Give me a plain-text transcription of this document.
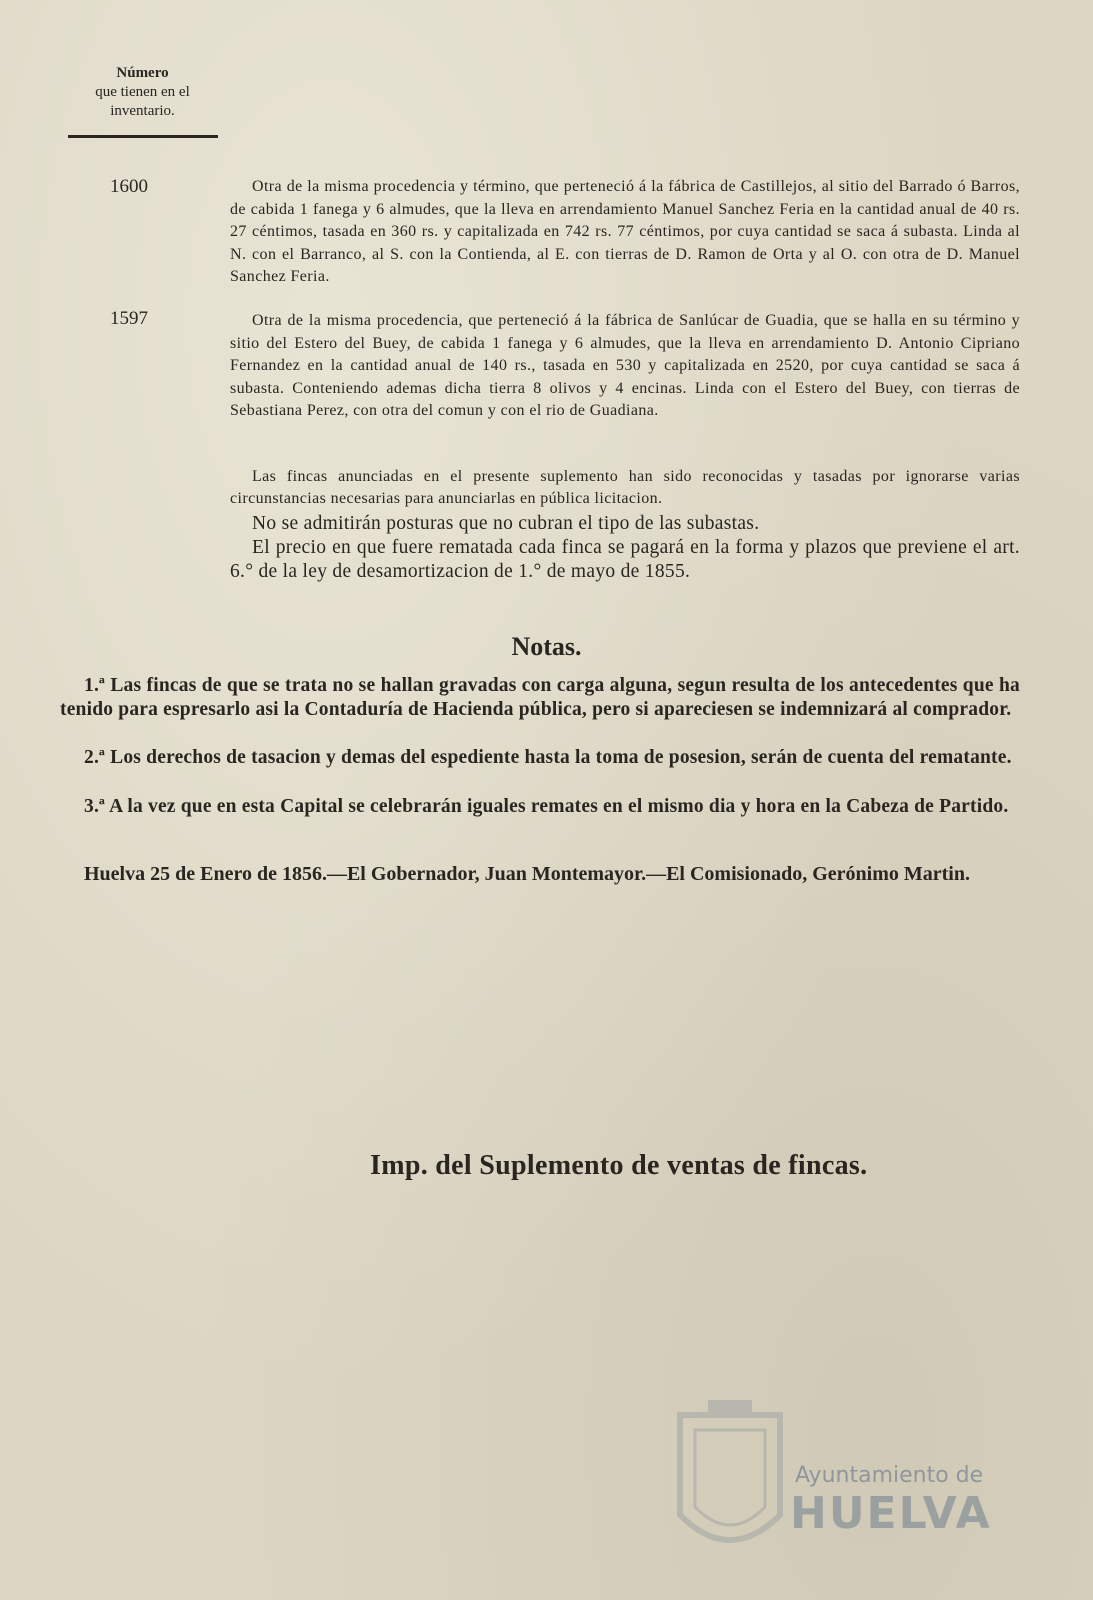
Número
que tienen en el
inventario.
1600	Otra de la misma procedencia y término, que perteneció á la fábrica de Castillejos, al sitio del Barrado ó Barros, de cabida 1 fanega y 6 almudes, que la lleva en arrendamiento Manuel Sanchez Feria en la cantidad anual de 40 rs. 27 céntimos, tasada en 360 rs. y capitalizada en 742 rs. 77 céntimos, por cuya cantidad se saca á subasta. Linda al N. con el Barranco, al S. con la Contienda, al E. con tierras de D. Ramon de Orta y al O. con otra de D. Manuel Sanchez Feria.
1597	Otra de la misma procedencia, que perteneció á la fábrica de Sanlúcar de Guadia, que se halla en su término y sitio del Estero del Buey, de cabida 1 fanega y 6 almudes, que la lleva en arrendamiento D. Antonio Cipriano Fernandez en la cantidad anual de 140 rs., tasada en 530 y capitalizada en 2520, por cuya cantidad se saca á subasta. Conteniendo ademas dicha tierra 8 olivos y 4 encinas. Linda con el Estero del Buey, con tierras de Sebastiana Perez, con otra del comun y con el rio de Guadiana.
Las fincas anunciadas en el presente suplemento han sido reconocidas y tasadas por ignorarse varias circunstancias necesarias para anunciarlas en pública licitacion.
No se admitirán posturas que no cubran el tipo de las subastas.
El precio en que fuere rematada cada finca se pagará en la forma y plazos que previene el art. 6.° de la ley de desamortizacion de 1.° de mayo de 1855.
Notas.
1.ª Las fincas de que se trata no se hallan gravadas con carga alguna, segun resulta de los antecedentes que ha tenido para espresarlo asi la Contaduría de Hacienda pública, pero si apareciesen se indemnizará al comprador.
2.ª Los derechos de tasacion y demas del espediente hasta la toma de posesion, serán de cuenta del rematante.
3.ª A la vez que en esta Capital se celebrarán iguales remates en el mismo dia y hora en la Cabeza de Partido.
Huelva 25 de Enero de 1856.—El Gobernador, Juan Montemayor.—El Comisionado, Gerónimo Martin.
Imp. del Suplemento de ventas de fincas.
Ayuntamiento de
HUELVA
